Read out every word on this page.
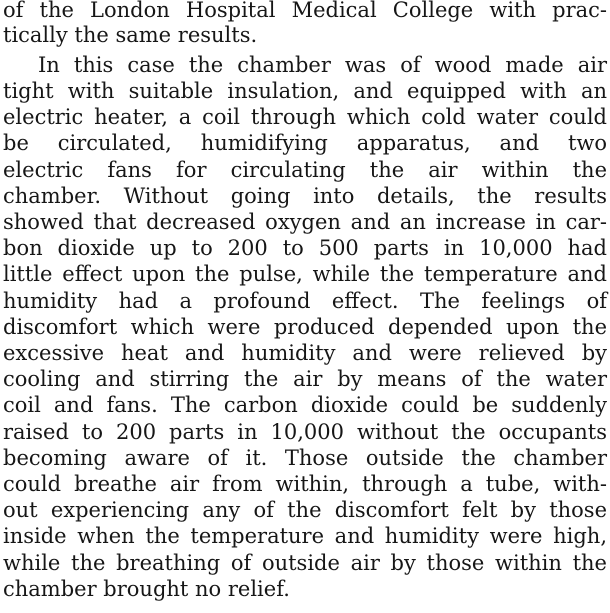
of the London Hospital Medical College with prac-
tically the same results.
In this case the chamber was of wood made air
tight with suitable insulation, and equipped with an
electric heater, a coil through which cold water could
be circulated, humidifying apparatus, and two
electric fans for circulating the air within the
chamber. Without going into details, the results
showed that decreased oxygen and an increase in car-
bon dioxide up to 200 to 500 parts in 10,000 had
little effect upon the pulse, while the temperature and
humidity had a profound effect. The feelings of
discomfort which were produced depended upon the
excessive heat and humidity and were relieved by
cooling and stirring the air by means of the water
coil and fans. The carbon dioxide could be suddenly
raised to 200 parts in 10,000 without the occupants
becoming aware of it. Those outside the chamber
could breathe air from within, through a tube, with-
out experiencing any of the discomfort felt by those
inside when the temperature and humidity were high,
while the breathing of outside air by those within the
chamber brought no relief.
